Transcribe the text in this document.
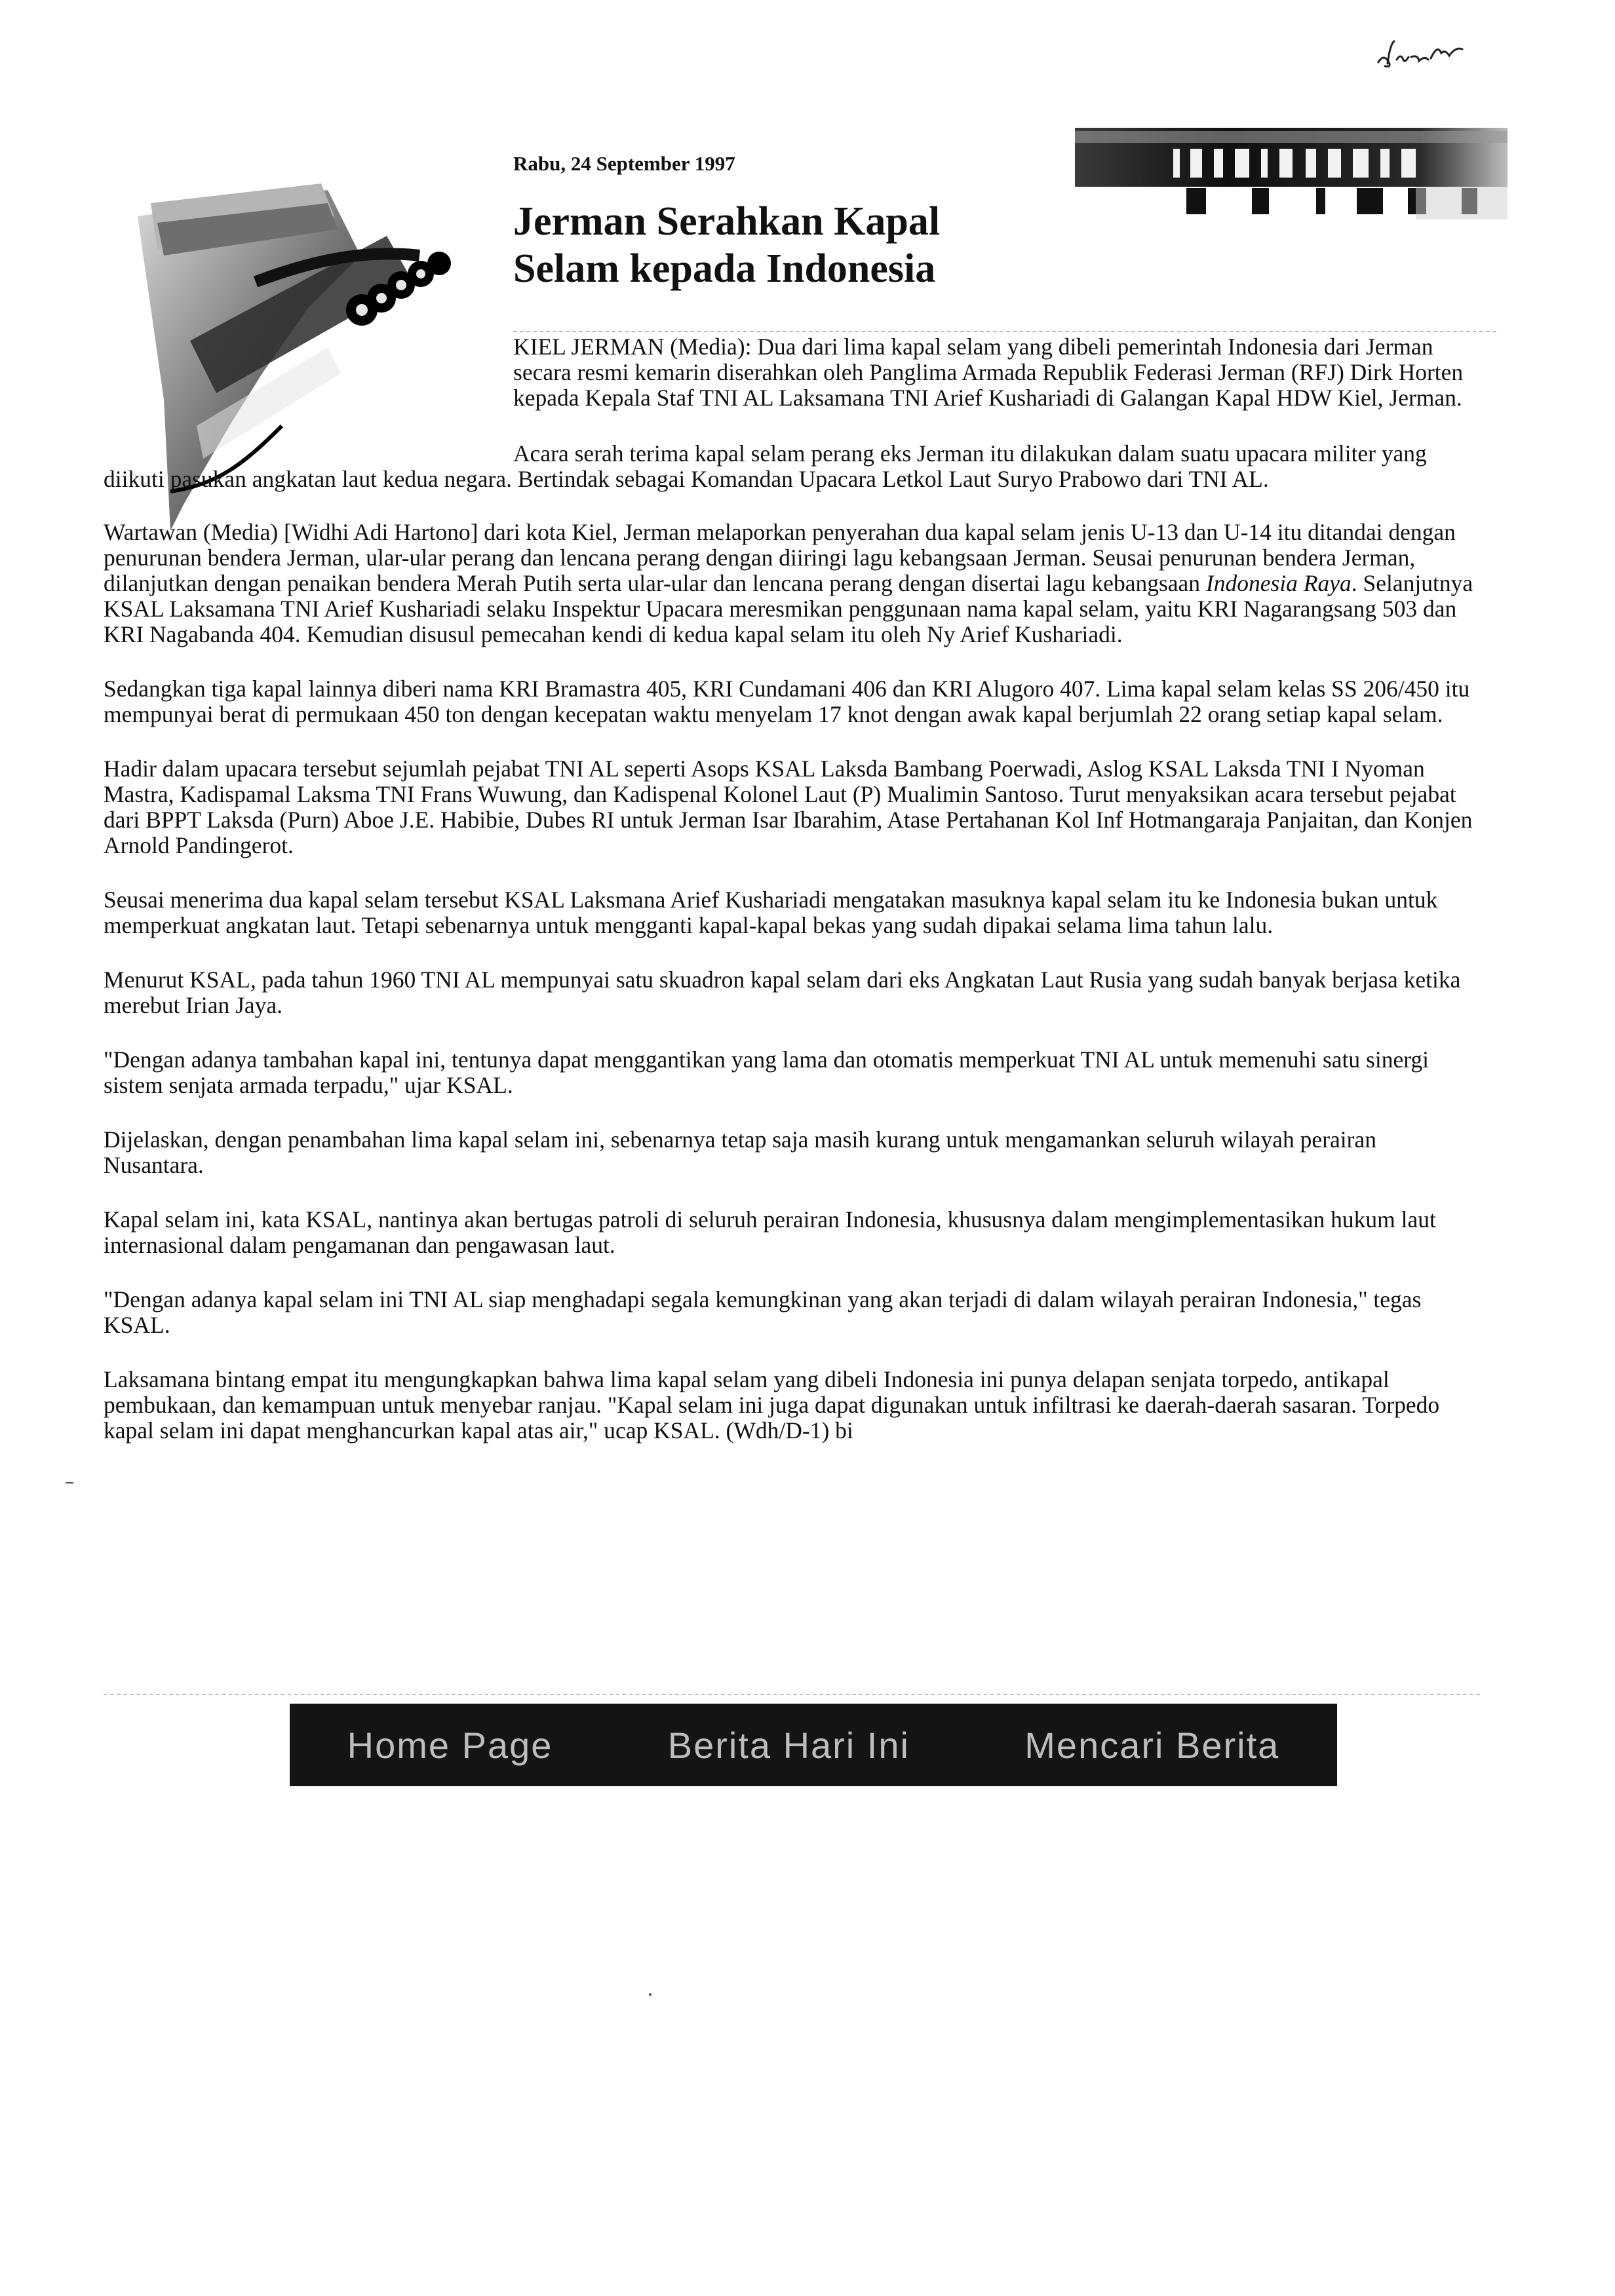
Rabu, 24 September 1997
Jerman Serahkan Kapal Selam kepada Indonesia

KIEL JERMAN (Media): Dua dari lima kapal selam yang dibeli pemerintah Indonesia dari Jerman secara resmi kemarin diserahkan oleh Panglima Armada Republik Federasi Jerman (RFJ) Dirk Horten kepada Kepala Staf TNI AL Laksamana TNI Arief Kushariadi di Galangan Kapal HDW Kiel, Jerman.

Acara serah terima kapal selam perang eks Jerman itu dilakukan dalam suatu upacara militer yang diikuti pasukan angkatan laut kedua negara. Bertindak sebagai Komandan Upacara Letkol Laut Suryo Prabowo dari TNI AL.

Wartawan (Media) [Widhi Adi Hartono] dari kota Kiel, Jerman melaporkan penyerahan dua kapal selam jenis U-13 dan U-14 itu ditandai dengan penurunan bendera Jerman, ular-ular perang dan lencana perang dengan diiringi lagu kebangsaan Jerman. Seusai penurunan bendera Jerman, dilanjutkan dengan penaikan bendera Merah Putih serta ular-ular dan lencana perang dengan disertai lagu kebangsaan Indonesia Raya. Selanjutnya KSAL Laksamana TNI Arief Kushariadi selaku Inspektur Upacara meresmikan penggunaan nama kapal selam, yaitu KRI Nagarangsang 503 dan KRI Nagabanda 404. Kemudian disusul pemecahan kendi di kedua kapal selam itu oleh Ny Arief Kushariadi.

Sedangkan tiga kapal lainnya diberi nama KRI Bramastra 405, KRI Cundamani 406 dan KRI Alugoro 407. Lima kapal selam kelas SS 206/450 itu mempunyai berat di permukaan 450 ton dengan kecepatan waktu menyelam 17 knot dengan awak kapal berjumlah 22 orang setiap kapal selam.

Hadir dalam upacara tersebut sejumlah pejabat TNI AL seperti Asops KSAL Laksda Bambang Poerwadi, Aslog KSAL Laksda TNI I Nyoman Mastra, Kadispamal Laksma TNI Frans Wuwung, dan Kadispenal Kolonel Laut (P) Mualimin Santoso. Turut menyaksikan acara tersebut pejabat dari BPPT Laksda (Purn) Aboe J.E. Habibie, Dubes RI untuk Jerman Isar Ibarahim, Atase Pertahanan Kol Inf Hotmangaraja Panjaitan, dan Konjen Arnold Pandingerot.

Seusai menerima dua kapal selam tersebut KSAL Laksmana Arief Kushariadi mengatakan masuknya kapal selam itu ke Indonesia bukan untuk memperkuat angkatan laut. Tetapi sebenarnya untuk mengganti kapal-kapal bekas yang sudah dipakai selama lima tahun lalu.

Menurut KSAL, pada tahun 1960 TNI AL mempunyai satu skuadron kapal selam dari eks Angkatan Laut Rusia yang sudah banyak berjasa ketika merebut Irian Jaya.

"Dengan adanya tambahan kapal ini, tentunya dapat menggantikan yang lama dan otomatis memperkuat TNI AL untuk memenuhi satu sinergi sistem senjata armada terpadu," ujar KSAL.

Dijelaskan, dengan penambahan lima kapal selam ini, sebenarnya tetap saja masih kurang untuk mengamankan seluruh wilayah perairan Nusantara.

Kapal selam ini, kata KSAL, nantinya akan bertugas patroli di seluruh perairan Indonesia, khususnya dalam mengimplementasikan hukum laut internasional dalam pengamanan dan pengawasan laut.

"Dengan adanya kapal selam ini TNI AL siap menghadapi segala kemungkinan yang akan terjadi di dalam wilayah perairan Indonesia," tegas KSAL.

Laksamana bintang empat itu mengungkapkan bahwa lima kapal selam yang dibeli Indonesia ini punya delapan senjata torpedo, antikapal pembukaan, dan kemampuan untuk menyebar ranjau. "Kapal selam ini juga dapat digunakan untuk infiltrasi ke daerah-daerah sasaran. Torpedo kapal selam ini dapat menghancurkan kapal atas air," ucap KSAL. (Wdh/D-1) bi

Home Page	Berita Hari Ini	Mencari Berita
